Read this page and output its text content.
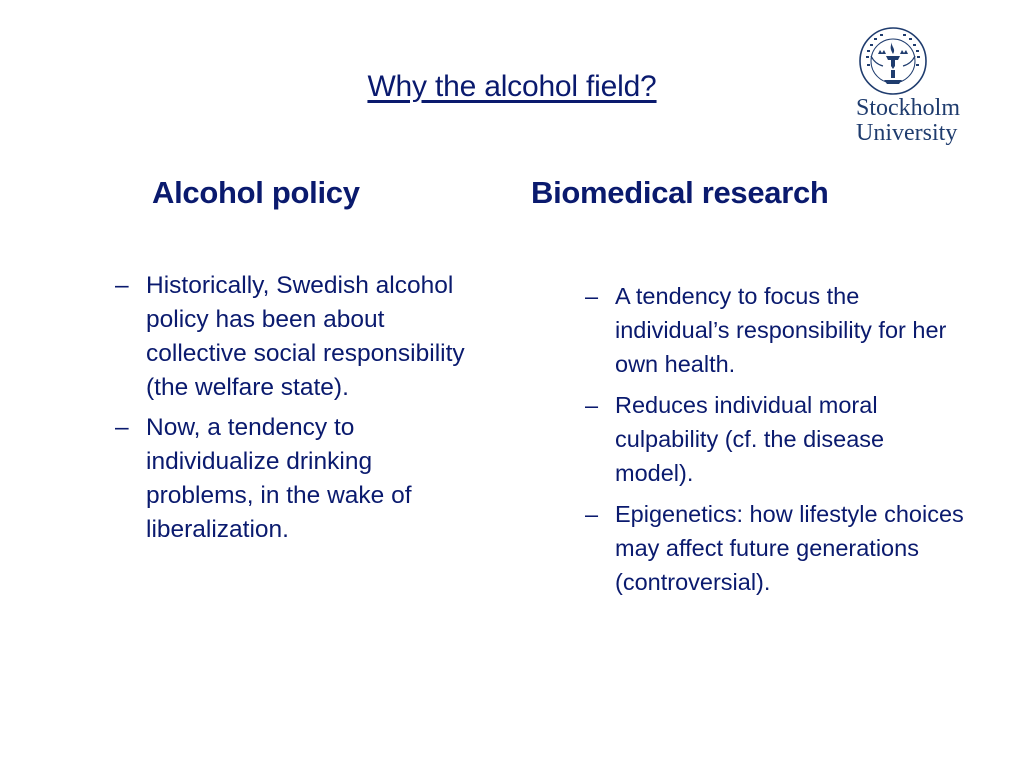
Why the alcohol field?
Stockholm
University
Alcohol policy	Biomedical research
– Historically, Swedish alcohol policy has been about collective social responsibility (the welfare state).
– Now, a tendency to individualize drinking problems, in the wake of liberalization.
– A tendency to focus the individual’s responsibility for her own health.
– Reduces individual moral culpability (cf. the disease model).
– Epigenetics: how lifestyle choices may affect future generations (controversial).
